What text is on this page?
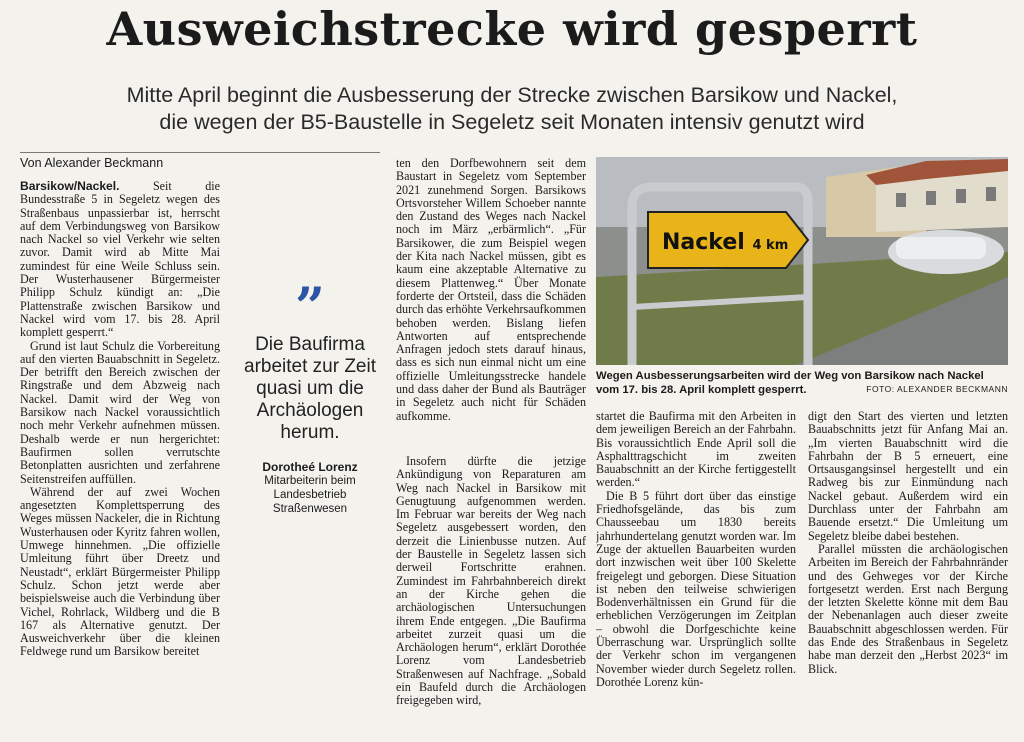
Ausweichstrecke wird gesperrt
Mitte April beginnt die Ausbesserung der Strecke zwischen Barsikow und Nackel,
die wegen der B5-Baustelle in Segeletz seit Monaten intensiv genutzt wird
Von Alexander Beckmann

Barsikow/Nackel.	Seit die Bundesstraße 5 in Segeletz wegen des Straßenbaus unpassierbar ist, herrscht auf dem Verbindungsweg von Barsikow nach Nackel so viel Verkehr wie selten zuvor. Damit wird ab Mitte Mai zumindest für eine Weile Schluss sein. Der Wusterhausener Bürgermeister Philipp Schulz kündigt an: „Die Plattenstraße zwischen Barsikow und Nackel wird vom 17. bis 28. April komplett gesperrt.“

Grund ist laut Schulz die Vorbereitung auf den vierten Bauabschnitt in Segeletz. Der betrifft den Bereich zwischen der Ringstraße und dem Abzweig nach Nackel. Damit wird der Weg von Barsikow nach Nackel voraussichtlich noch mehr Verkehr aufnehmen müssen. Deshalb werde er nun hergerichtet: Baufirmen sollen verrutschte Betonplatten ausrichten und zerfahrene Seitenstreifen auffüllen.

Während der auf zwei Wochen angesetzten Komplettsperrung des Weges müssen Nackeler, die in Richtung Wusterhausen oder Kyritz fahren wollen, Umwege hinnehmen. „Die offizielle Umleitung führt über Dreetz und Neustadt“, erklärt Bürgermeister Philipp Schulz. Schon jetzt werde aber beispielsweise auch die Verbindung über Vichel, Rohrlack, Wildberg und die B 167 als Alternative genutzt. Der Ausweichverkehr über die kleinen Feldwege rund um Barsikow bereitet

”
Die Baufirma arbeitet zur Zeit quasi um die Archäologen herum.
Dorotheé Lorenz
Mitarbeiterin beim Landesbetrieb Straßenwesen

ten den Dorfbewohnern seit dem Baustart in Segeletz vom September 2021 zunehmend Sorgen. Barsikows Ortsvorsteher Willem Schoeber nannte den Zustand des Weges nach Nackel noch im März „erbärmlich“. „Für Barsikower, die zum Beispiel wegen der Kita nach Nackel müssen, gibt es kaum eine akzeptable Alternative zu diesem Plattenweg.“ Über Monate forderte der Ortsteil, dass die Schäden durch das erhöhte Verkehrsaufkommen behoben werden. Bislang liefen Antworten auf entsprechende Anfragen jedoch stets darauf hinaus, dass es sich nun einmal nicht um eine offizielle Umleitungsstrecke handele und dass daher der Bund als Bauträger in Segeletz auch nicht für Schäden aufkomme.

Insofern dürfte die jetzige Ankündigung von Reparaturen am Weg nach Nackel in Barsikow mit Genugtuung aufgenommen werden. Im Februar war bereits der Weg nach Segeletz ausgebessert worden, den derzeit die Linienbusse nutzen. Auf der Baustelle in Segeletz lassen sich derweil Fortschritte erahnen. Zumindest im Fahrbahnbereich direkt an der Kirche gehen die archäologischen Untersuchungen ihrem Ende entgegen. „Die Baufirma arbeitet zurzeit quasi um die Archäologen herum“, erklärt Dorothée Lorenz vom Landesbetrieb Straßenwesen auf Nachfrage. „Sobald ein Baufeld durch die Archäologen freigegeben wird,

Nackel 4 km
Wegen Ausbesserungsarbeiten wird der Weg von Barsikow nach Nackel vom 17. bis 28. April komplett gesperrt.	FOTO: ALEXANDER BECKMANN

startet die Baufirma mit den Arbeiten in dem jeweiligen Bereich an der Fahrbahn. Bis voraussichtlich Ende April soll die Asphalttragschicht im zweiten Bauabschnitt an der Kirche fertiggestellt werden.“

Die B 5 führt dort über das einstige Friedhofsgelände, das bis zum Chausseebau um 1830 bereits jahrhundertelang genutzt worden war. Im Zuge der aktuellen Bauarbeiten wurden dort inzwischen weit über 100 Skelette freigelegt und geborgen. Diese Situation ist neben den teilweise schwierigen Bodenverhältnissen ein Grund für die erheblichen Verzögerungen im Zeitplan – obwohl die Dorfgeschichte keine Überraschung war. Ursprünglich sollte der Verkehr schon im vergangenen November wieder durch Segeletz rollen. Dorothée Lorenz kün-

digt den Start des vierten und letzten Bauabschnitts jetzt für Anfang Mai an. „Im vierten Bauabschnitt wird die Fahrbahn der B 5 erneuert, eine Ortsausgangsinsel hergestellt und ein Radweg bis zur Einmündung nach Nackel gebaut. Außerdem wird ein Durchlass unter der Fahrbahn am Bauende ersetzt.“ Die Umleitung um Segeletz bleibe dabei bestehen.

Parallel müssten die archäologischen Arbeiten im Bereich der Fahrbahnränder und des Gehweges vor der Kirche fortgesetzt werden. Erst nach Bergung der letzten Skelette könne mit dem Bau der Nebenanlagen auch dieser zweite Bauabschnitt abgeschlossen werden. Für das Ende des Straßenbaus in Segeletz habe man derzeit den „Herbst 2023“ im Blick.
